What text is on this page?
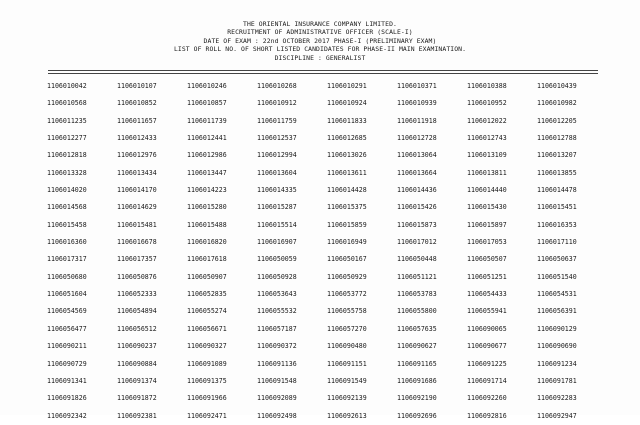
THE ORIENTAL INSURANCE COMPANY LIMITED.
RECRUITMENT OF ADMINISTRATIVE OFFICER (SCALE-I)
DATE OF EXAM : 22nd OCTOBER 2017 PHASE-I (PRELIMINARY EXAM)
LIST OF ROLL NO. OF SHORT LISTED CANDIDATES FOR PHASE-II MAIN EXAMINATION.
DISCIPLINE : GENERALIST
1106010042	1106010107	1106010246	1106010268	1106010291	1106010371	1106010388	1106010439
1106010568	1106010852	1106010857	1106010912	1106010924	1106010939	1106010952	1106010982
1106011235	1106011657	1106011739	1106011759	1106011833	1106011918	1106012022	1106012205
1106012277	1106012433	1106012441	1106012537	1106012685	1106012728	1106012743	1106012788
1106012818	1106012976	1106012986	1106012994	1106013026	1106013064	1106013109	1106013207
1106013328	1106013434	1106013447	1106013604	1106013611	1106013664	1106013811	1106013855
1106014020	1106014170	1106014223	1106014335	1106014428	1106014436	1106014440	1106014478
1106014568	1106014629	1106015280	1106015287	1106015375	1106015426	1106015430	1106015451
1106015458	1106015481	1106015488	1106015514	1106015859	1106015873	1106015897	1106016353
1106016360	1106016678	1106016820	1106016907	1106016949	1106017012	1106017053	1106017110
1106017317	1106017357	1106017618	1106050059	1106050167	1106050448	1106050507	1106050637
1106050680	1106050876	1106050907	1106050928	1106050929	1106051121	1106051251	1106051540
1106051604	1106052333	1106052835	1106053643	1106053772	1106053783	1106054433	1106054531
1106054569	1106054894	1106055274	1106055532	1106055758	1106055800	1106055941	1106056391
1106056477	1106056512	1106056671	1106057187	1106057270	1106057635	1106090065	1106090129
1106090211	1106090237	1106090327	1106090372	1106090480	1106090627	1106090677	1106090690
1106090729	1106090884	1106091089	1106091136	1106091151	1106091165	1106091225	1106091234
1106091341	1106091374	1106091375	1106091548	1106091549	1106091686	1106091714	1106091781
1106091826	1106091872	1106091966	1106092089	1106092139	1106092190	1106092260	1106092283
1106092342	1106092381	1106092471	1106092498	1106092613	1106092696	1106092816	1106092947
